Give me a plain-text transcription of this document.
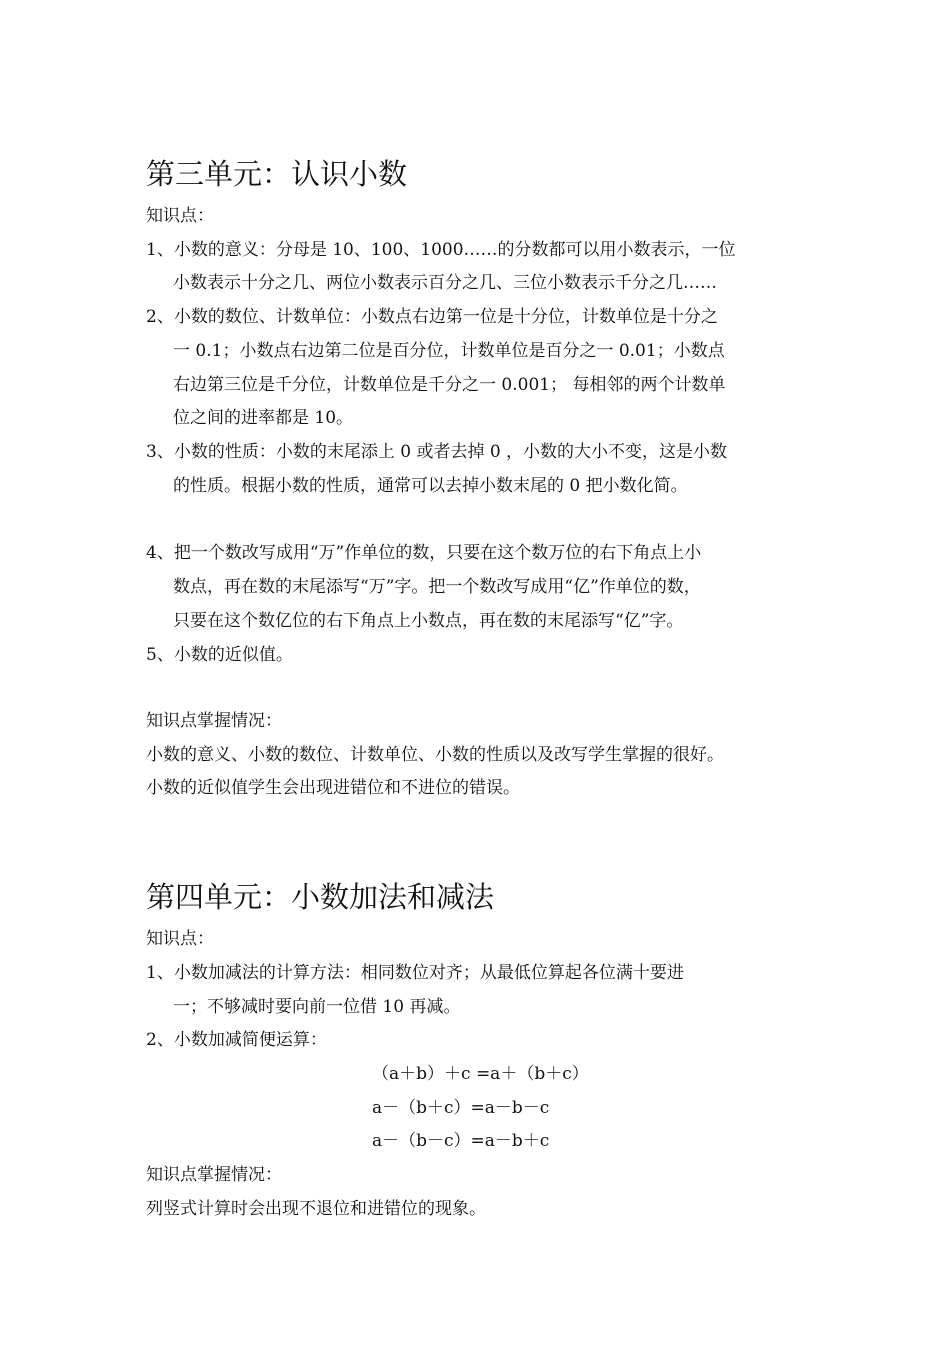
第三单元：认识小数
知识点：
1、小数的意义：分母是 10、100、1000……的分数都可以用小数表示，一位
小数表示十分之几、两位小数表示百分之几、三位小数表示千分之几……
2、小数的数位、计数单位：小数点右边第一位是十分位，计数单位是十分之
一 0.1；小数点右边第二位是百分位，计数单位是百分之一 0.01；小数点
右边第三位是千分位，计数单位是千分之一 0.001； 每相邻的两个计数单
位之间的进率都是 10。
3、小数的性质：小数的末尾添上 0 或者去掉 0 ，小数的大小不变，这是小数
的性质。根据小数的性质，通常可以去掉小数末尾的 0 把小数化简。
4、把一个数改写成用“万”作单位的数，只要在这个数万位的右下角点上小
数点，再在数的末尾添写“万”字。把一个数改写成用“亿”作单位的数，
只要在这个数亿位的右下角点上小数点，再在数的末尾添写“亿”字。
5、小数的近似值。
知识点掌握情况：
小数的意义、小数的数位、计数单位、小数的性质以及改写学生掌握的很好。
小数的近似值学生会出现进错位和不进位的错误。
第四单元：小数加法和减法
知识点：
1、小数加减法的计算方法：相同数位对齐；从最低位算起各位满十要进
一；不够减时要向前一位借 10 再减。
2、小数加减简便运算：
（a＋b）＋c =a＋（b＋c）
a－（b＋c）=a－b－c
a－（b－c）=a－b＋c
知识点掌握情况：
列竖式计算时会出现不退位和进错位的现象。
